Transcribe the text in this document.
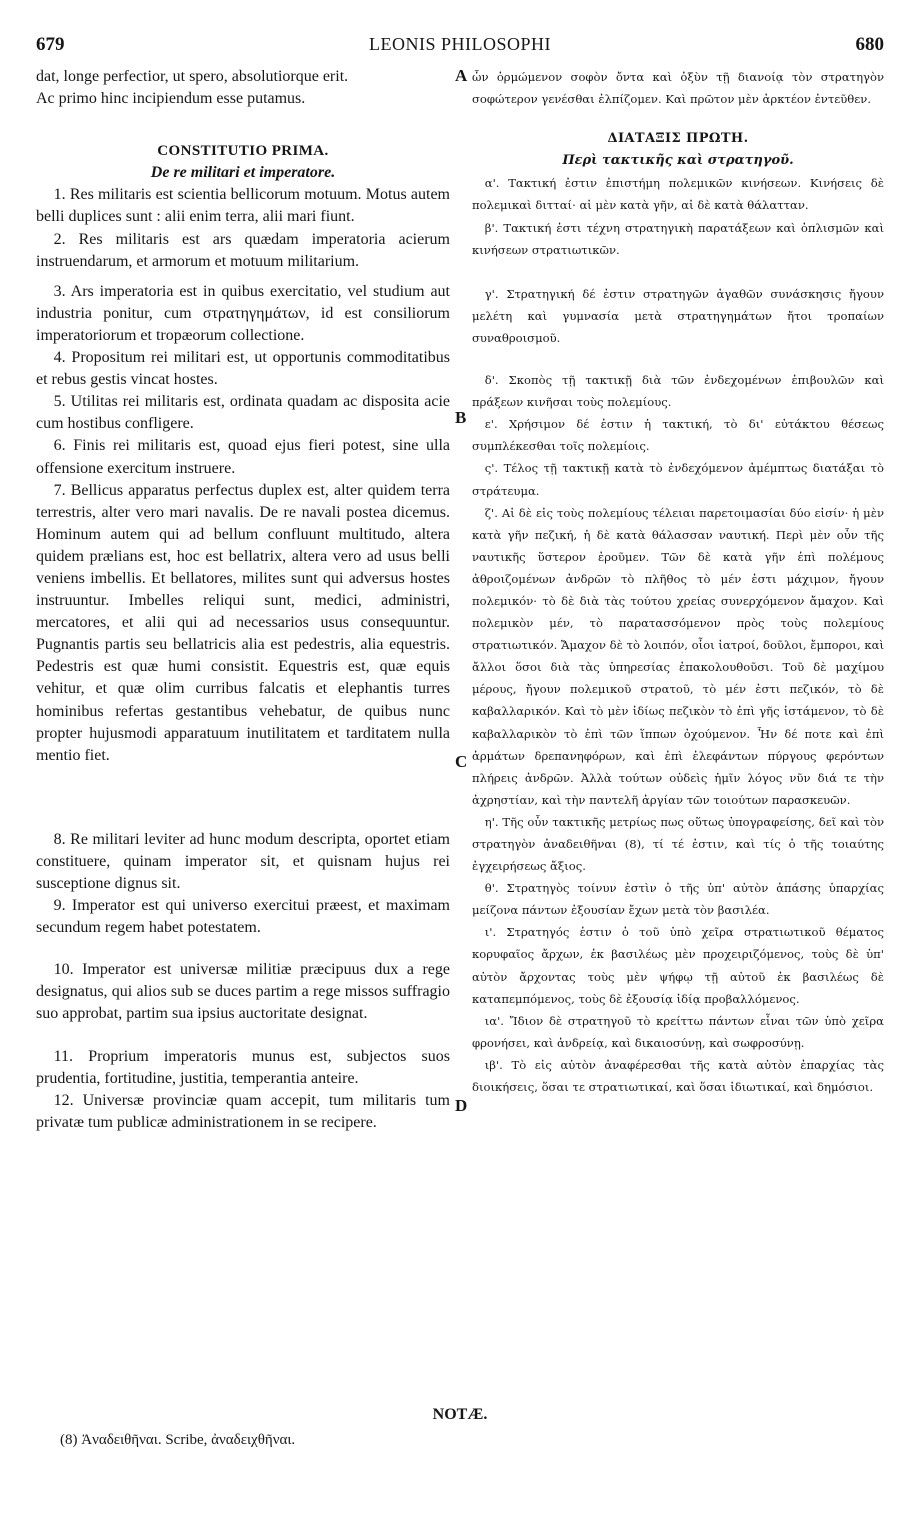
679	LEONIS PHILOSOPHI	680

dat, longe perfectior, ut spero, absolutiorque erit.

Ac primo hinc incipiendum esse putamus.

CONSTITUTIO PRIMA.

De re militari et imperatore.

1. Res militaris est scientia bellicorum motuum. Motus autem belli duplices sunt : alii enim terra, alii mari fiunt.

2. Res militaris est ars quædam imperatoria acierum instruendarum, et armorum et motuum militarium.

3. Ars imperatoria est in quibus exercitatio, vel studium aut industria ponitur, cum στρατηγημάτων, id est consiliorum imperatoriorum et tropæorum collectione.

4. Propositum rei militari est, ut opportunis commoditatibus et rebus gestis vincat hostes.

5. Utilitas rei militaris est, ordinata quadam ac disposita acie cum hostibus confligere.

6. Finis rei militaris est, quoad ejus fieri potest, sine ulla offensione exercitum instruere.

7. Bellicus apparatus perfectus duplex est, alter quidem terra terrestris, alter vero mari navalis. De re navali postea dicemus. Hominum autem qui ad bellum confluunt multitudo, altera quidem prælians est, hoc est bellatrix, altera vero ad usus belli veniens imbellis. Et bellatores, milites sunt qui adversus hostes instruuntur. Imbelles reliqui sunt, medici, administri, mercatores, et alii qui ad necessarios usus consequuntur. Pugnantis partis seu bellatricis alia est pedestris, alia equestris. Pedestris est quæ humi consistit. Equestris est, quæ equis vehitur, et quæ olim curribus falcatis et elephantis turres hominibus refertas gestantibus vehebatur, de quibus nunc propter hujusmodi apparatuum inutilitatem et tarditatem nulla mentio fiet.

8. Re militari leviter ad hunc modum descripta, oportet etiam constituere, quinam imperator sit, et quisnam hujus rei susceptione dignus sit.

9. Imperator est qui universo exercitui præest, et maximam secundum regem habet potestatem.

10. Imperator est universæ militiæ præcipuus dux a rege designatus, qui alios sub se duces partim a rege missos suffragio suo approbat, partim sua ipsius auctoritate designat.

11. Proprium imperatoris munus est, subjectos suos prudentia, fortitudine, justitia, temperantia anteire.

12. Universæ provinciæ quam accepit, tum militaris tum privatæ tum publicæ administrationem in se recipere.

A
B
C
D

ὧν ὁρμώμενον σοφὸν ὄντα καὶ ὀξὺν τῇ διανοίᾳ τὸν στρατηγὸν σοφώτερον γενέσθαι ἐλπίζομεν. Καὶ πρῶτον μὲν ἀρκτέον ἐντεῦθεν.

ΔΙΑΤΑΞΙΣ ΠΡΩΤΗ.

Περὶ τακτικῆς καὶ στρατηγοῦ.

α'. Τακτική ἐστιν ἐπιστήμη πολεμικῶν κινήσεων. Κινήσεις δὲ πολεμικαὶ διτταί· αἱ μὲν κατὰ γῆν, αἱ δὲ κατὰ θάλατταν.

β'. Τακτική ἐστι τέχνη στρατηγικὴ παρατάξεων καὶ ὁπλισμῶν καὶ κινήσεων στρατιωτικῶν.

γ'. Στρατηγική δέ ἐστιν στρατηγῶν ἀγαθῶν συνάσκησις ἤγουν μελέτη καὶ γυμνασία μετὰ στρατηγημάτων ἤτοι τροπαίων συναθροισμοῦ.

δ'. Σκοπὸς τῇ τακτικῇ διὰ τῶν ἐνδεχομένων ἐπιβουλῶν καὶ πράξεων κινῆσαι τοὺς πολεμίους.

ε'. Χρήσιμον δέ ἐστιν ἡ τακτική, τὸ δι' εὐτάκτου θέσεως συμπλέκεσθαι τοῖς πολεμίοις.

ς'. Τέλος τῇ τακτικῇ κατὰ τὸ ἐνδεχόμενον ἀμέμπτως διατάξαι τὸ στράτευμα.

ζ'. Αἱ δὲ εἰς τοὺς πολεμίους τέλειαι παρετοιμασίαι δύο εἰσίν· ἡ μὲν κατὰ γῆν πεζική, ἡ δὲ κατὰ θάλασσαν ναυτική. Περὶ μὲν οὖν τῆς ναυτικῆς ὕστερον ἐροῦμεν. Τῶν δὲ κατὰ γῆν ἐπὶ πολέμους ἀθροιζομένων ἀνδρῶν τὸ πλῆθος τὸ μέν ἐστι μάχιμον, ἤγουν πολεμικόν· τὸ δὲ διὰ τὰς τούτου χρείας συνερχόμενον ἄμαχον. Καὶ πολεμικὸν μέν, τὸ παρατασσόμενον πρὸς τοὺς πολεμίους στρατιωτικόν. Ἄμαχον δὲ τὸ λοιπόν, οἷοι ἰατροί, δοῦλοι, ἔμποροι, καὶ ἄλλοι ὅσοι διὰ τὰς ὑπηρεσίας ἐπακολουθοῦσι. Τοῦ δὲ μαχίμου μέρους, ἤγουν πολεμικοῦ στρατοῦ, τὸ μέν ἐστι πεζικόν, τὸ δὲ καβαλλαρικόν. Καὶ τὸ μὲν ἰδίως πεζικὸν τὸ ἐπὶ γῆς ἱστάμενον, τὸ δὲ καβαλλαρικὸν τὸ ἐπὶ τῶν ἵππων ὀχούμενον. Ἦν δέ ποτε καὶ ἐπὶ ἁρμάτων δρεπανηφόρων, καὶ ἐπὶ ἐλεφάντων πύργους φερόντων πλήρεις ἀνδρῶν. Ἀλλὰ τούτων οὐδεὶς ἡμῖν λόγος νῦν διά τε τὴν ἀχρηστίαν, καὶ τὴν παντελῆ ἀργίαν τῶν τοιούτων παρασκευῶν.

η'. Τῆς οὖν τακτικῆς μετρίως πως οὕτως ὑπογραφείσης, δεῖ καὶ τὸν στρατηγὸν ἀναδειθῆναι (8), τί τέ ἐστιν, καὶ τίς ὁ τῆς τοιαύτης ἐγχειρήσεως ἄξιος.

θ'. Στρατηγὸς τοίνυν ἐστὶν ὁ τῆς ὑπ' αὐτὸν ἁπάσης ὑπαρχίας μείζονα πάντων ἐξουσίαν ἔχων μετὰ τὸν βασιλέα.

ι'. Στρατηγός ἐστιν ὁ τοῦ ὑπὸ χεῖρα στρατιωτικοῦ θέματος κορυφαῖος ἄρχων, ἐκ βασιλέως μὲν προχειριζόμενος, τοὺς δὲ ὑπ' αὐτὸν ἄρχοντας τοὺς μὲν ψήφῳ τῇ αὐτοῦ ἐκ βασιλέως δὲ καταπεμπόμενος, τοὺς δὲ ἐξουσίᾳ ἰδίᾳ προβαλλόμενος.

ια'. Ἴδιον δὲ στρατηγοῦ τὸ κρείττω πάντων εἶναι τῶν ὑπὸ χεῖρα φρονήσει, καὶ ἀνδρείᾳ, καὶ δικαιοσύνῃ, καὶ σωφροσύνῃ.

ιβ'. Τὸ εἰς αὐτὸν ἀναφέρεσθαι τῆς κατὰ αὐτὸν ἐπαρχίας τὰς διοικήσεις, ὅσαι τε στρατιωτικαί, καὶ ὅσαι ἰδιωτικαί, καὶ δημόσιοι.

NOTÆ.
(8) Ἀναδειθῆναι. Scribe, ἀναδειχθῆναι.
